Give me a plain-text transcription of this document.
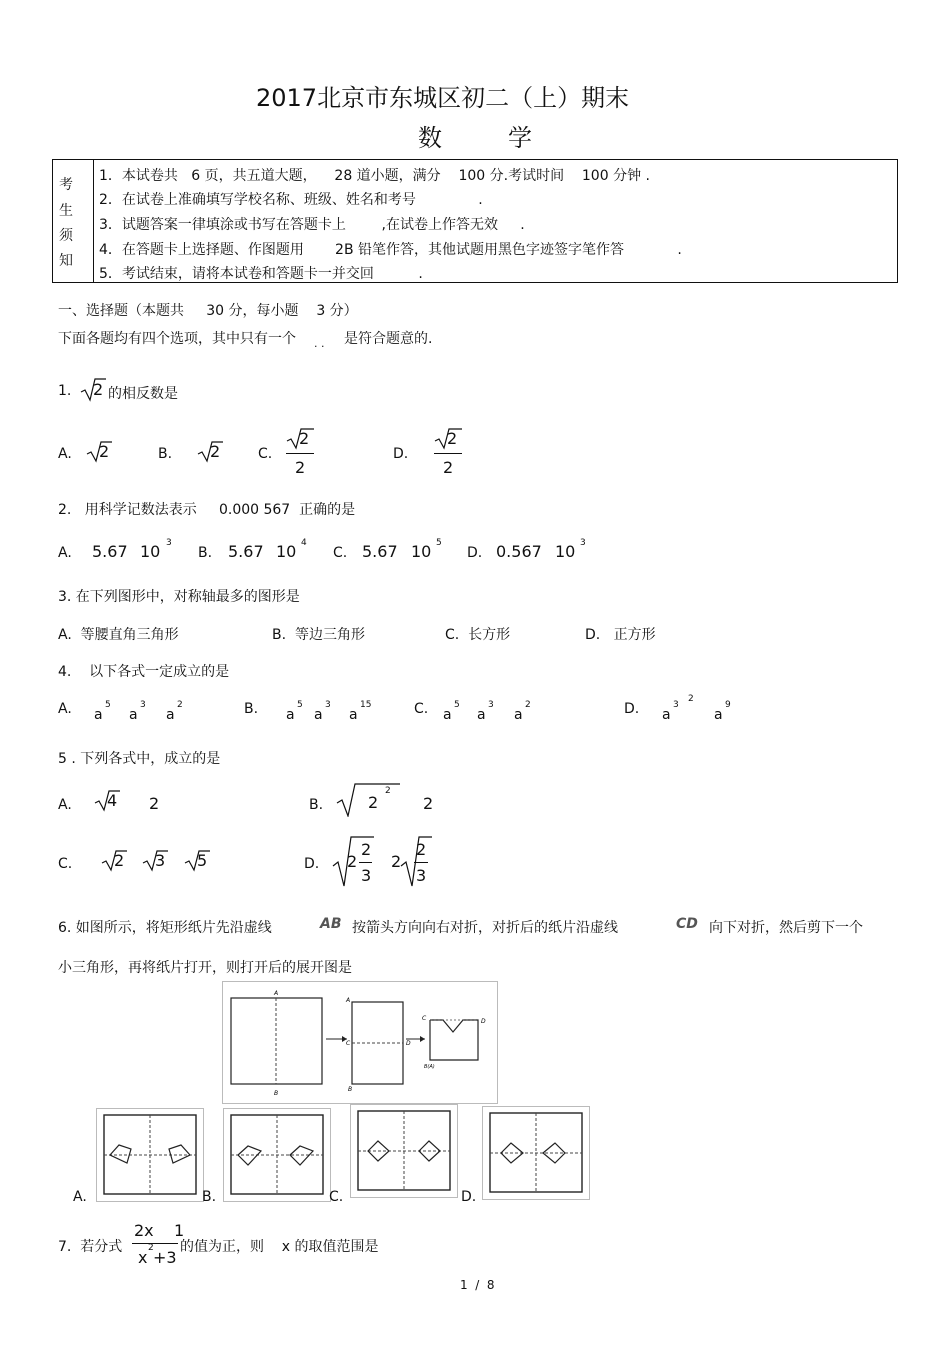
2017北京市东城区初二（上）期末
数	学
考
生
须
知
1．本试卷共   6 页，共五道大题，    28 道小题，满分    100 分.考试时间    100 分钟 .
2．在试卷上准确填写学校名称、班级、姓名和考号              .
3．试题答案一律填涂或书写在答题卡上        ,在试卷上作答无效     .
4．在答题卡上选择题、作图题用       2B 铅笔作答，其他试题用黑色字迹签字笔作答            .
5．考试结束，请将本试卷和答题卡一并交回          .
一、选择题（本题共     30 分，每小题    3 分）
下面各题均有四个选项，其中只有一个 . . 是符合题意的.
1. 2 的相反数是
A. 2	B. 2	C.
2
2
D.
2
2
2.   用科学记数法表示     0.000 567  正确的是
A. 5.67 10 3
B. 5.67 10 4
C. 5.67 10 5
D. 0.567 10 3
3. 在下列图形中，对称轴最多的图形是
A.  等腰直角三角形	B.  等边三角形	C.  长方形	D.   正方形
4.    以下各式一定成立的是
A. a
5
a
3
a
2	B. a
5
a
3
a
15	C. a
5
a
3
a
2	D. a
3
2
a
9
5 . 下列各式中，成立的是
A. 4 2	B.	2
2
2
C.	2 3 5	D. 2
2
3
2
2
3
6. 如图所示，将矩形纸片先沿虚线	AB 按箭头方向向右对折，对折后的纸片沿虚线	CD 向下对折，然后剪下一个
小三角形，再将纸片打开，则打开后的展开图是
A
B
A
C	D
B
C	D
B(A)
A.	B.	C.	D.
7.  若分式
2x    1
x 2 +3
的值为正，则    x 的取值范围是
1  /  8
